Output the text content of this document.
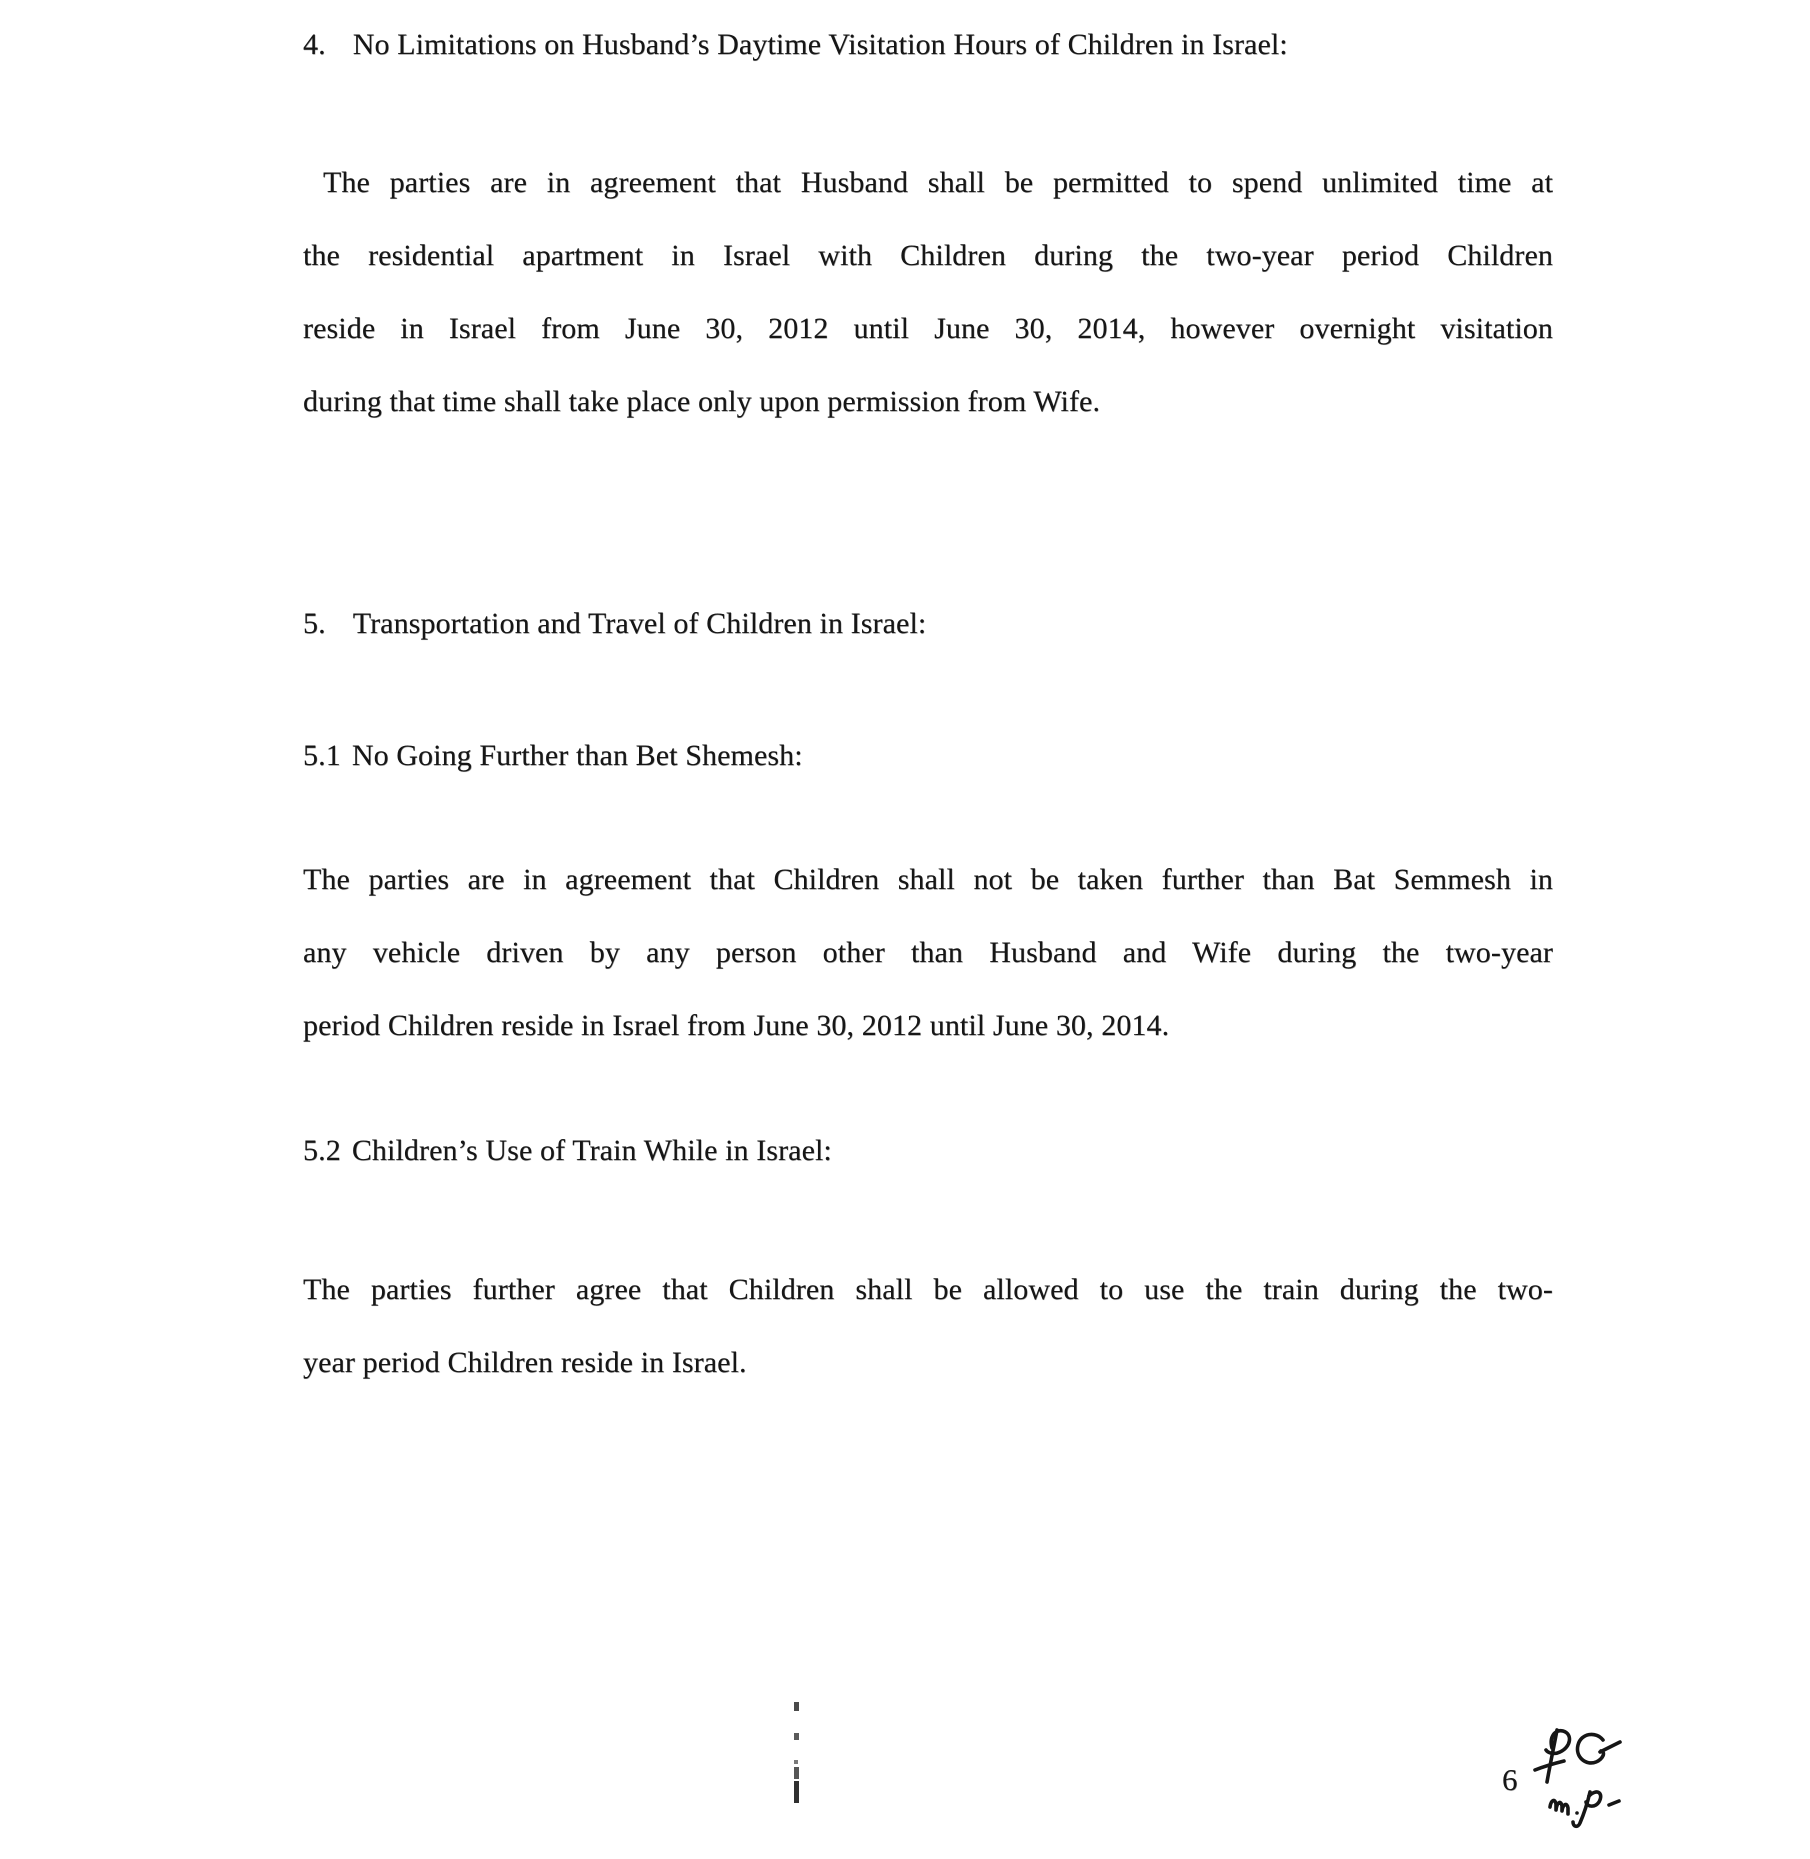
4. No Limitations on Husband’s Daytime Visitation Hours of Children in Israel:
The parties are in agreement that Husband shall be permitted to spend unlimited time at
the residential apartment in Israel with Children during the two-year period Children
reside in Israel from June 30, 2012 until June 30, 2014, however overnight visitation
during that time shall take place only upon permission from Wife.
5. Transportation and Travel of Children in Israel:
5.1 No Going Further than Bet Shemesh:
The parties are in agreement that Children shall not be taken further than Bat Semmesh in
any vehicle driven by any person other than Husband and Wife during the two-year
period Children reside in Israel from June 30, 2012 until June 30, 2014.
5.2 Children’s Use of Train While in Israel:
The parties further agree that Children shall be allowed to use the train during the two-
year period Children reside in Israel.
6
